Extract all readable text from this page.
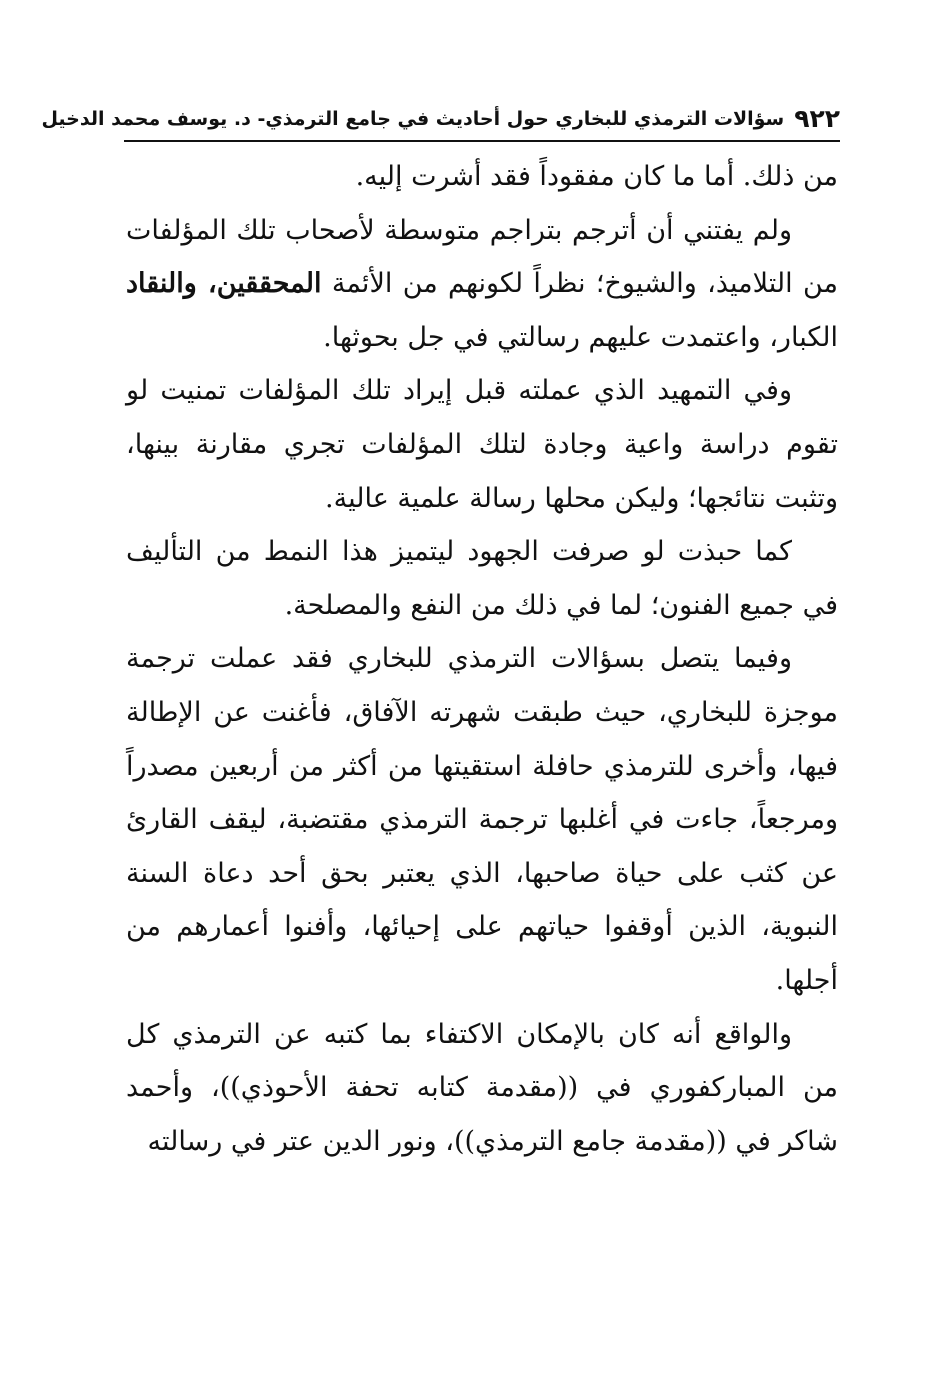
٩٢٢
سؤالات الترمذي للبخاري حول أحاديث في جامع الترمذي- د. يوسف محمد الدخيل

من ذلك. أما ما كان مفقوداً فقد أشرت إليه.

ولم يفتني أن أترجم بتراجم متوسطة لأصحاب تلك المؤلفات من التلاميذ، والشيوخ؛ نظراً لكونهم من الأئمة المحققين، والنقاد الكبار، واعتمدت عليهم رسالتي في جل بحوثها.

وفي التمهيد الذي عملته قبل إيراد تلك المؤلفات تمنيت لو تقوم دراسة واعية وجادة لتلك المؤلفات تجري مقارنة بينها، وتثبت نتائجها؛ وليكن محلها رسالة علمية عالية.

كما حبذت لو صرفت الجهود ليتميز هذا النمط من التأليف في جميع الفنون؛ لما في ذلك من النفع والمصلحة.

وفيما يتصل بسؤالات الترمذي للبخاري فقد عملت ترجمة موجزة للبخاري، حيث طبقت شهرته الآفاق، فأغنت عن الإطالة فيها، وأخرى للترمذي حافلة استقيتها من أكثر من أربعين مصدراً ومرجعاً، جاءت في أغلبها ترجمة الترمذي مقتضبة، ليقف القارئ عن كثب على حياة صاحبها، الذي يعتبر بحق أحد دعاة السنة النبوية، الذين أوقفوا حياتهم على إحيائها، وأفنوا أعمارهم من أجلها.

والواقع أنه كان بالإمكان الاكتفاء بما كتبه عن الترمذي كل من المباركفوري في ((مقدمة كتابه تحفة الأحوذي))، وأحمد شاكر في ((مقدمة جامع الترمذي))، ونور الدين عتر في رسالته
